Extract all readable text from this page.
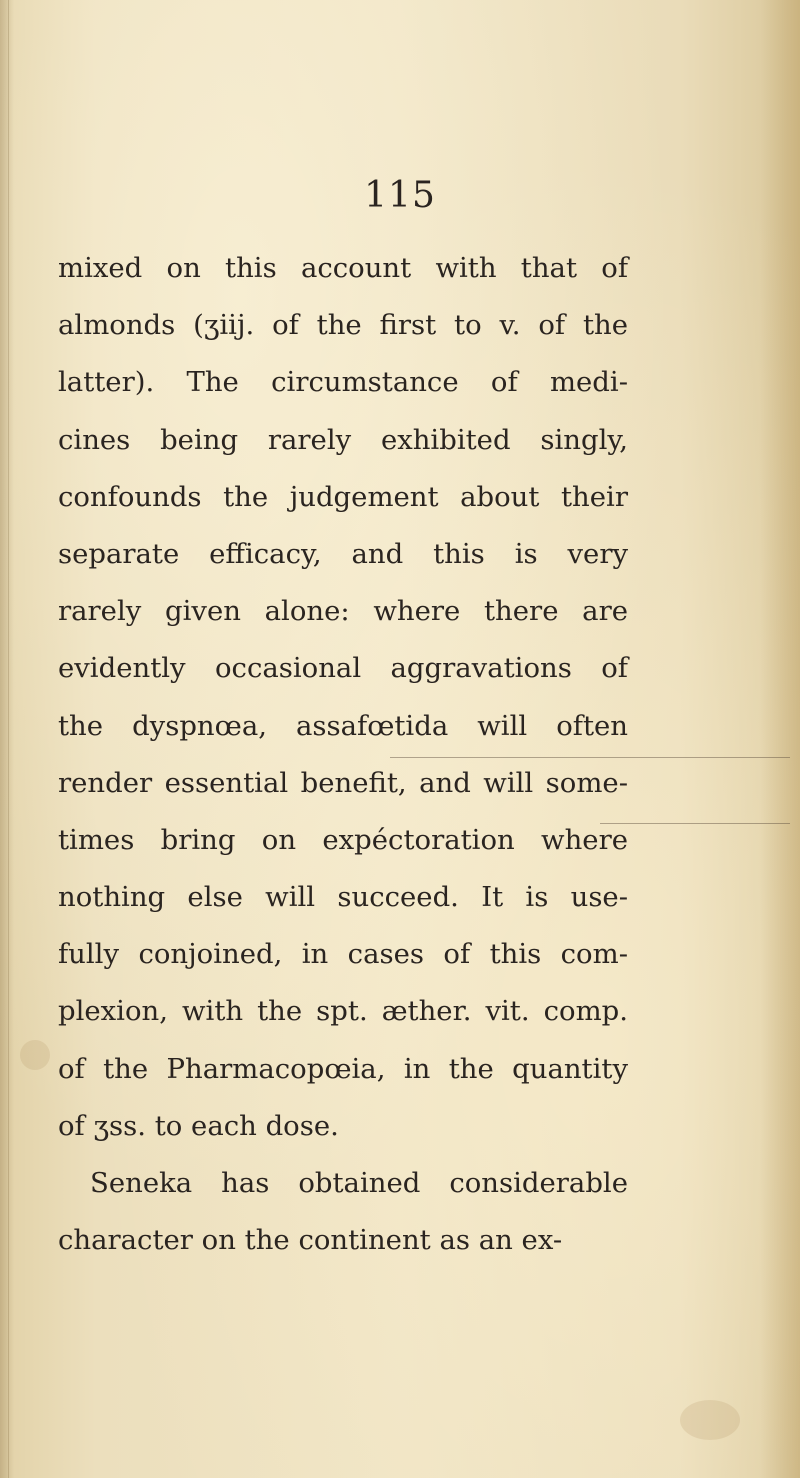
115
mixed on this account with that of
almonds (ʒiij. of the first to v. of the
latter). The circumstance of medi-
cines being rarely exhibited singly,
confounds the judgement about their
separate efficacy, and this is very
rarely given alone: where there are
evidently occasional aggravations of
the dyspnœa, assafœtida will often
render essential benefit, and will some-
times bring on expéctoration where
nothing else will succeed. It is use-
fully conjoined, in cases of this com-
plexion, with the spt. æther. vit. comp.
of the Pharmacopœia, in the quantity
of ʒss. to each dose.
Seneka has obtained considerable
character on the continent as an ex-
